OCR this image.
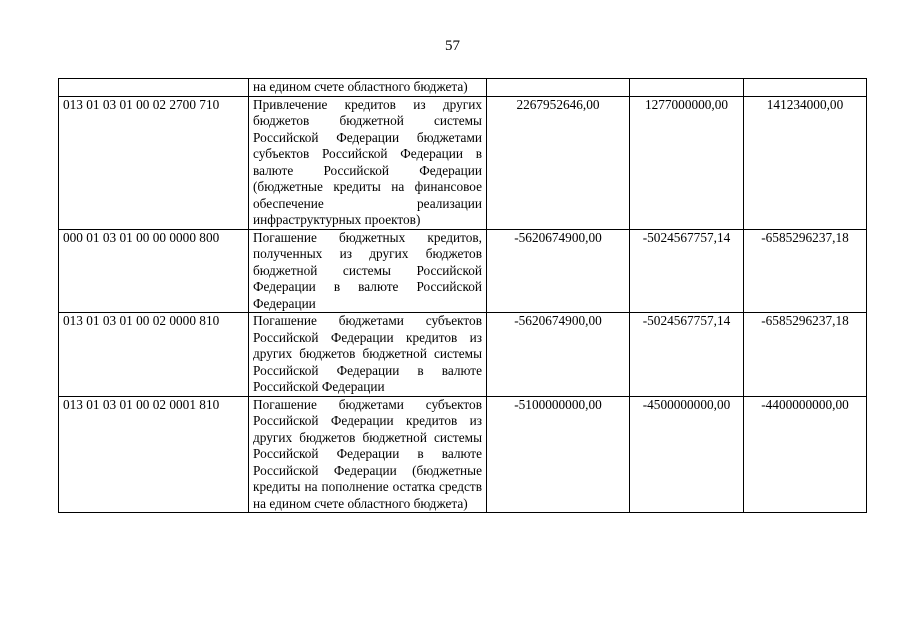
57
	на едином счете областного бюджета)			
013 01 03 01 00 02 2700 710	Привлечение кредитов из других бюджетов бюджетной системы Российской Федерации бюджетами субъектов Российской Федерации в валюте Российской Федерации (бюджетные кредиты на финансовое обеспечение реализации инфраструктурных проектов)	2267952646,00	1277000000,00	141234000,00
000 01 03 01 00 00 0000 800	Погашение бюджетных кредитов, полученных из других бюджетов бюджетной системы Российской Федерации в валюте Российской Федерации	-5620674900,00	-5024567757,14	-6585296237,18
013 01 03 01 00 02 0000 810	Погашение бюджетами субъектов Российской Федерации кредитов из других бюджетов бюджетной системы Российской Федерации в валюте Российской Федерации	-5620674900,00	-5024567757,14	-6585296237,18
013 01 03 01 00 02 0001 810	Погашение бюджетами субъектов Российской Федерации кредитов из других бюджетов бюджетной системы Российской Федерации в валюте Российской Федерации (бюджетные кредиты на пополнение остатка средств на едином счете областного бюджета)	-5100000000,00	-4500000000,00	-4400000000,00
